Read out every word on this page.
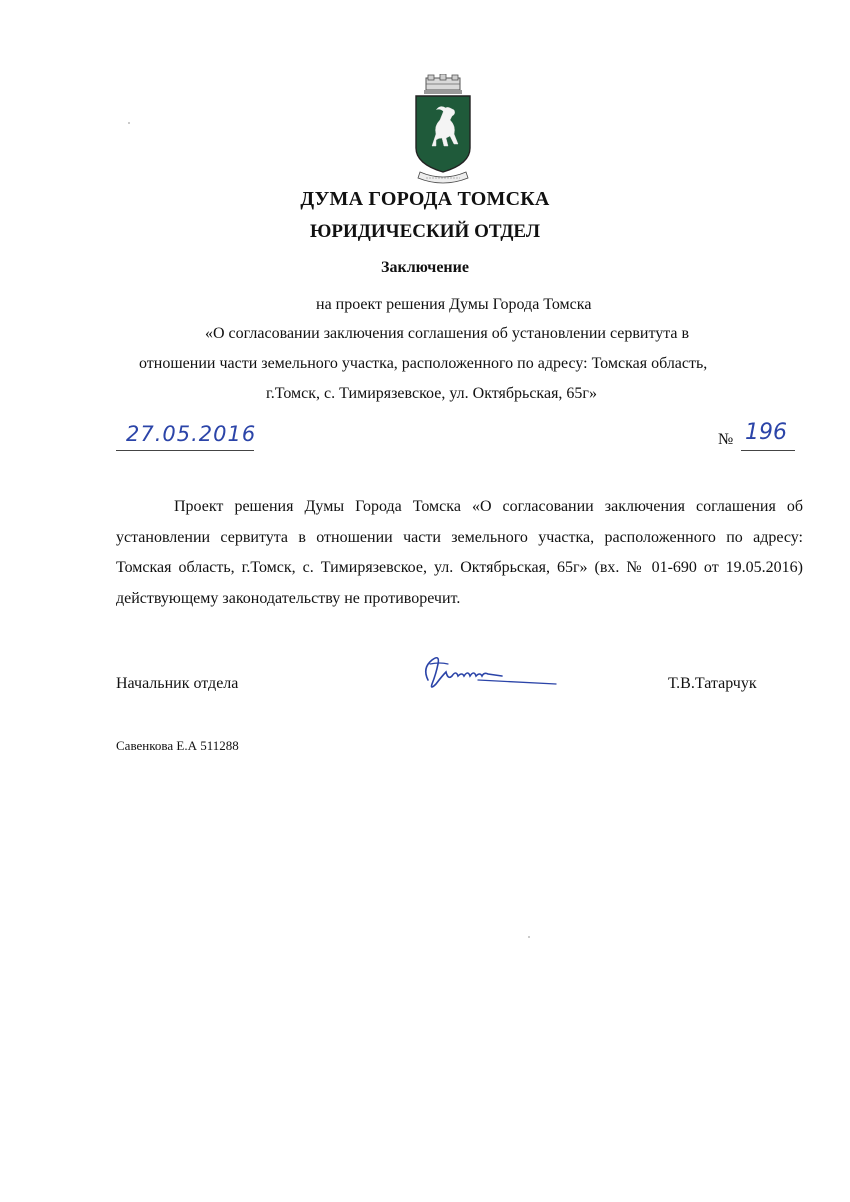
ДУМА ГОРОДА ТОМСКА
ЮРИДИЧЕСКИЙ ОТДЕЛ
Заключение
на проект решения Думы Города Томска
«О согласовании заключения соглашения об установлении сервитута в
отношении части земельного участка, расположенного по адресу: Томская область,
г.Томск, с. Тимирязевское, ул. Октябрьская, 65г»
27.05.2016	№ 196

Проект решения Думы Города Томска «О согласовании заключения соглашения об установлении сервитута в отношении части земельного участка, расположенного по адресу: Томская область, г.Томск, с. Тимирязевское, ул. Октябрьская, 65г» (вх. № 01-690 от 19.05.2016) действующему законодательству не противоречит.

Начальник отдела	Т.В.Татарчук
Савенкова Е.А 511288
